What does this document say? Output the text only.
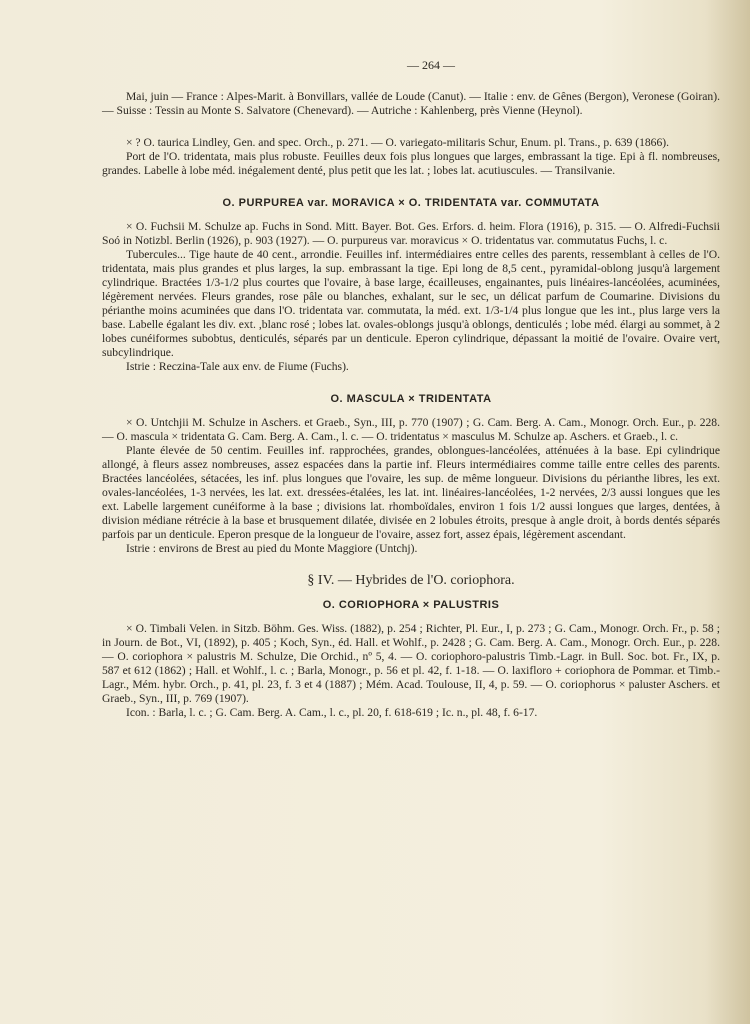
— 264 —

Mai, juin — France : Alpes-Marit. à Bonvillars, vallée de Loude (Canut). — Italie : env. de Gênes (Bergon), Veronese (Goiran). — Suisse : Tessin au Monte S. Salvatore (Chenevard). — Autriche : Kahlenberg, près Vienne (Heynol).

× ? O. taurica Lindley, Gen. and spec. Orch., p. 271. — O. variegato-militaris Schur, Enum. pl. Trans., p. 639 (1866).

Port de l'O. tridentata, mais plus robuste. Feuilles deux fois plus longues que larges, embrassant la tige. Epi à fl. nombreuses, grandes. Labelle à lobe méd. inégalement denté, plus petit que les lat. ; lobes lat. acutiuscules. — Transilvanie.

O. PURPUREA var. MORAVICA × O. TRIDENTATA var. COMMUTATA

× O. Fuchsii M. Schulze ap. Fuchs in Sond. Mitt. Bayer. Bot. Ges. Erfors. d. heim. Flora (1916), p. 315. — O. Alfredi-Fuchsii Soó in Notizbl. Berlin (1926), p. 903 (1927). — O. purpureus var. moravicus × O. tridentatus var. commutatus Fuchs, l. c.

Tubercules... Tige haute de 40 cent., arrondie. Feuilles inf. intermédiaires entre celles des parents, ressemblant à celles de l'O. tridentata, mais plus grandes et plus larges, la sup. embrassant la tige. Epi long de 8,5 cent., pyramidal-oblong jusqu'à largement cylindrique. Bractées 1/3-1/2 plus courtes que l'ovaire, à base large, écailleuses, engainantes, puis linéaires-lancéolées, acuminées, légèrement nervées. Fleurs grandes, rose pâle ou blanches, exhalant, sur le sec, un délicat parfum de Coumarine. Divisions du périanthe moins acuminées que dans l'O. tridentata var. commutata, la méd. ext. 1/3-1/4 plus longue que les int., plus large vers la base. Labelle égalant les div. ext. ,blanc rosé ; lobes lat. ovales-oblongs jusqu'à oblongs, denticulés ; lobe méd. élargi au sommet, à 2 lobes cunéiformes subobtus, denticulés, séparés par un denticule. Eperon cylindrique, dépassant la moitié de l'ovaire. Ovaire vert, subcylindrique.

Istrie : Reczina-Tale aux env. de Fiume (Fuchs).

O. MASCULA × TRIDENTATA

× O. Untchjii M. Schulze in Aschers. et Graeb., Syn., III, p. 770 (1907) ; G. Cam. Berg. A. Cam., Monogr. Orch. Eur., p. 228. — O. mascula × tridentata G. Cam. Berg. A. Cam., l. c. — O. tridentatus × masculus M. Schulze ap. Aschers. et Graeb., l. c.

Plante élevée de 50 centim. Feuilles inf. rapprochées, grandes, oblongues-lancéolées, atténuées à la base. Epi cylindrique allongé, à fleurs assez nombreuses, assez espacées dans la partie inf. Fleurs intermédiaires comme taille entre celles des parents. Bractées lancéolées, sétacées, les inf. plus longues que l'ovaire, les sup. de même longueur. Divisions du périanthe libres, les ext. ovales-lancéolées, 1-3 nervées, les lat. ext. dressées-étalées, les lat. int. linéaires-lancéolées, 1-2 nervées, 2/3 aussi longues que les ext. Labelle largement cunéiforme à la base ; divisions lat. rhomboïdales, environ 1 fois 1/2 aussi longues que larges, dentées, à division médiane rétrécie à la base et brusquement dilatée, divisée en 2 lobules étroits, presque à angle droit, à bords dentés séparés parfois par un denticule. Eperon presque de la longueur de l'ovaire, assez fort, assez épais, légèrement ascendant.

Istrie : environs de Brest au pied du Monte Maggiore (Untchj).

§ IV. — Hybrides de l'O. coriophora.

O. CORIOPHORA × PALUSTRIS

× O. Timbali Velen. in Sitzb. Böhm. Ges. Wiss. (1882), p. 254 ; Richter, Pl. Eur., I, p. 273 ; G. Cam., Monogr. Orch. Fr., p. 58 ; in Journ. de Bot., VI, (1892), p. 405 ; Koch, Syn., éd. Hall. et Wohlf., p. 2428 ; G. Cam. Berg. A. Cam., Monogr. Orch. Eur., p. 228. — O. coriophora × palustris M. Schulze, Die Orchid., nº 5, 4. — O. coriophoro-palustris Timb.-Lagr. in Bull. Soc. bot. Fr., IX, p. 587 et 612 (1862) ; Hall. et Wohlf., l. c. ; Barla, Monogr., p. 56 et pl. 42, f. 1-18. — O. laxifloro + coriophora de Pommar. et Timb.-Lagr., Mém. hybr. Orch., p. 41, pl. 23, f. 3 et 4 (1887) ; Mém. Acad. Toulouse, II, 4, p. 59. — O. coriophorus × paluster Aschers. et Graeb., Syn., III, p. 769 (1907).

Icon. : Barla, l. c. ; G. Cam. Berg. A. Cam., l. c., pl. 20, f. 618-619 ; Ic. n., pl. 48, f. 6-17.
